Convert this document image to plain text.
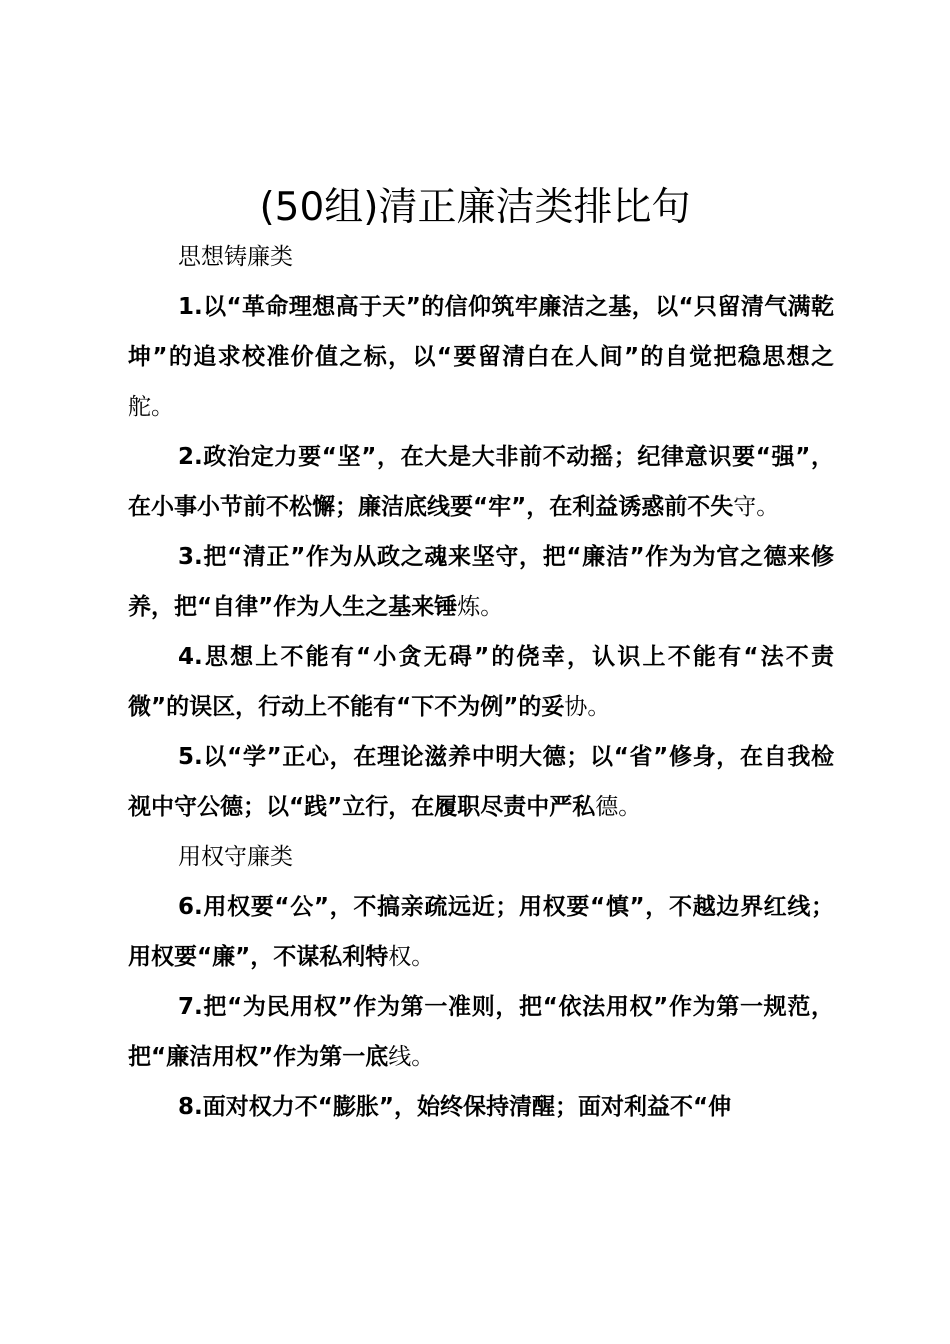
(50组)清正廉洁类排比句

思想铸廉类

1.以“革命理想高于天”的信仰筑牢廉洁之基，以“只留清气满乾坤”的追求校准价值之标，以“要留清白在人间”的自觉把稳思想之舵。

2.政治定力要“坚”，在大是大非前不动摇；纪律意识要“强”，在小事小节前不松懈；廉洁底线要“牢”，在利益诱惑前不失守。

3.把“清正”作为从政之魂来坚守，把“廉洁”作为为官之德来修养，把“自律”作为人生之基来锤炼。

4.思想上不能有“小贪无碍”的侥幸，认识上不能有“法不责微”的误区，行动上不能有“下不为例”的妥协。

5.以“学”正心，在理论滋养中明大德；以“省”修身，在自我检视中守公德；以“践”立行，在履职尽责中严私德。

用权守廉类

6.用权要“公”，不搞亲疏远近；用权要“慎”，不越边界红线；用权要“廉”，不谋私利特权。

7.把“为民用权”作为第一准则，把“依法用权”作为第一规范，把“廉洁用权”作为第一底线。

8.面对权力不“膨胀”，始终保持清醒；面对利益不“伸
